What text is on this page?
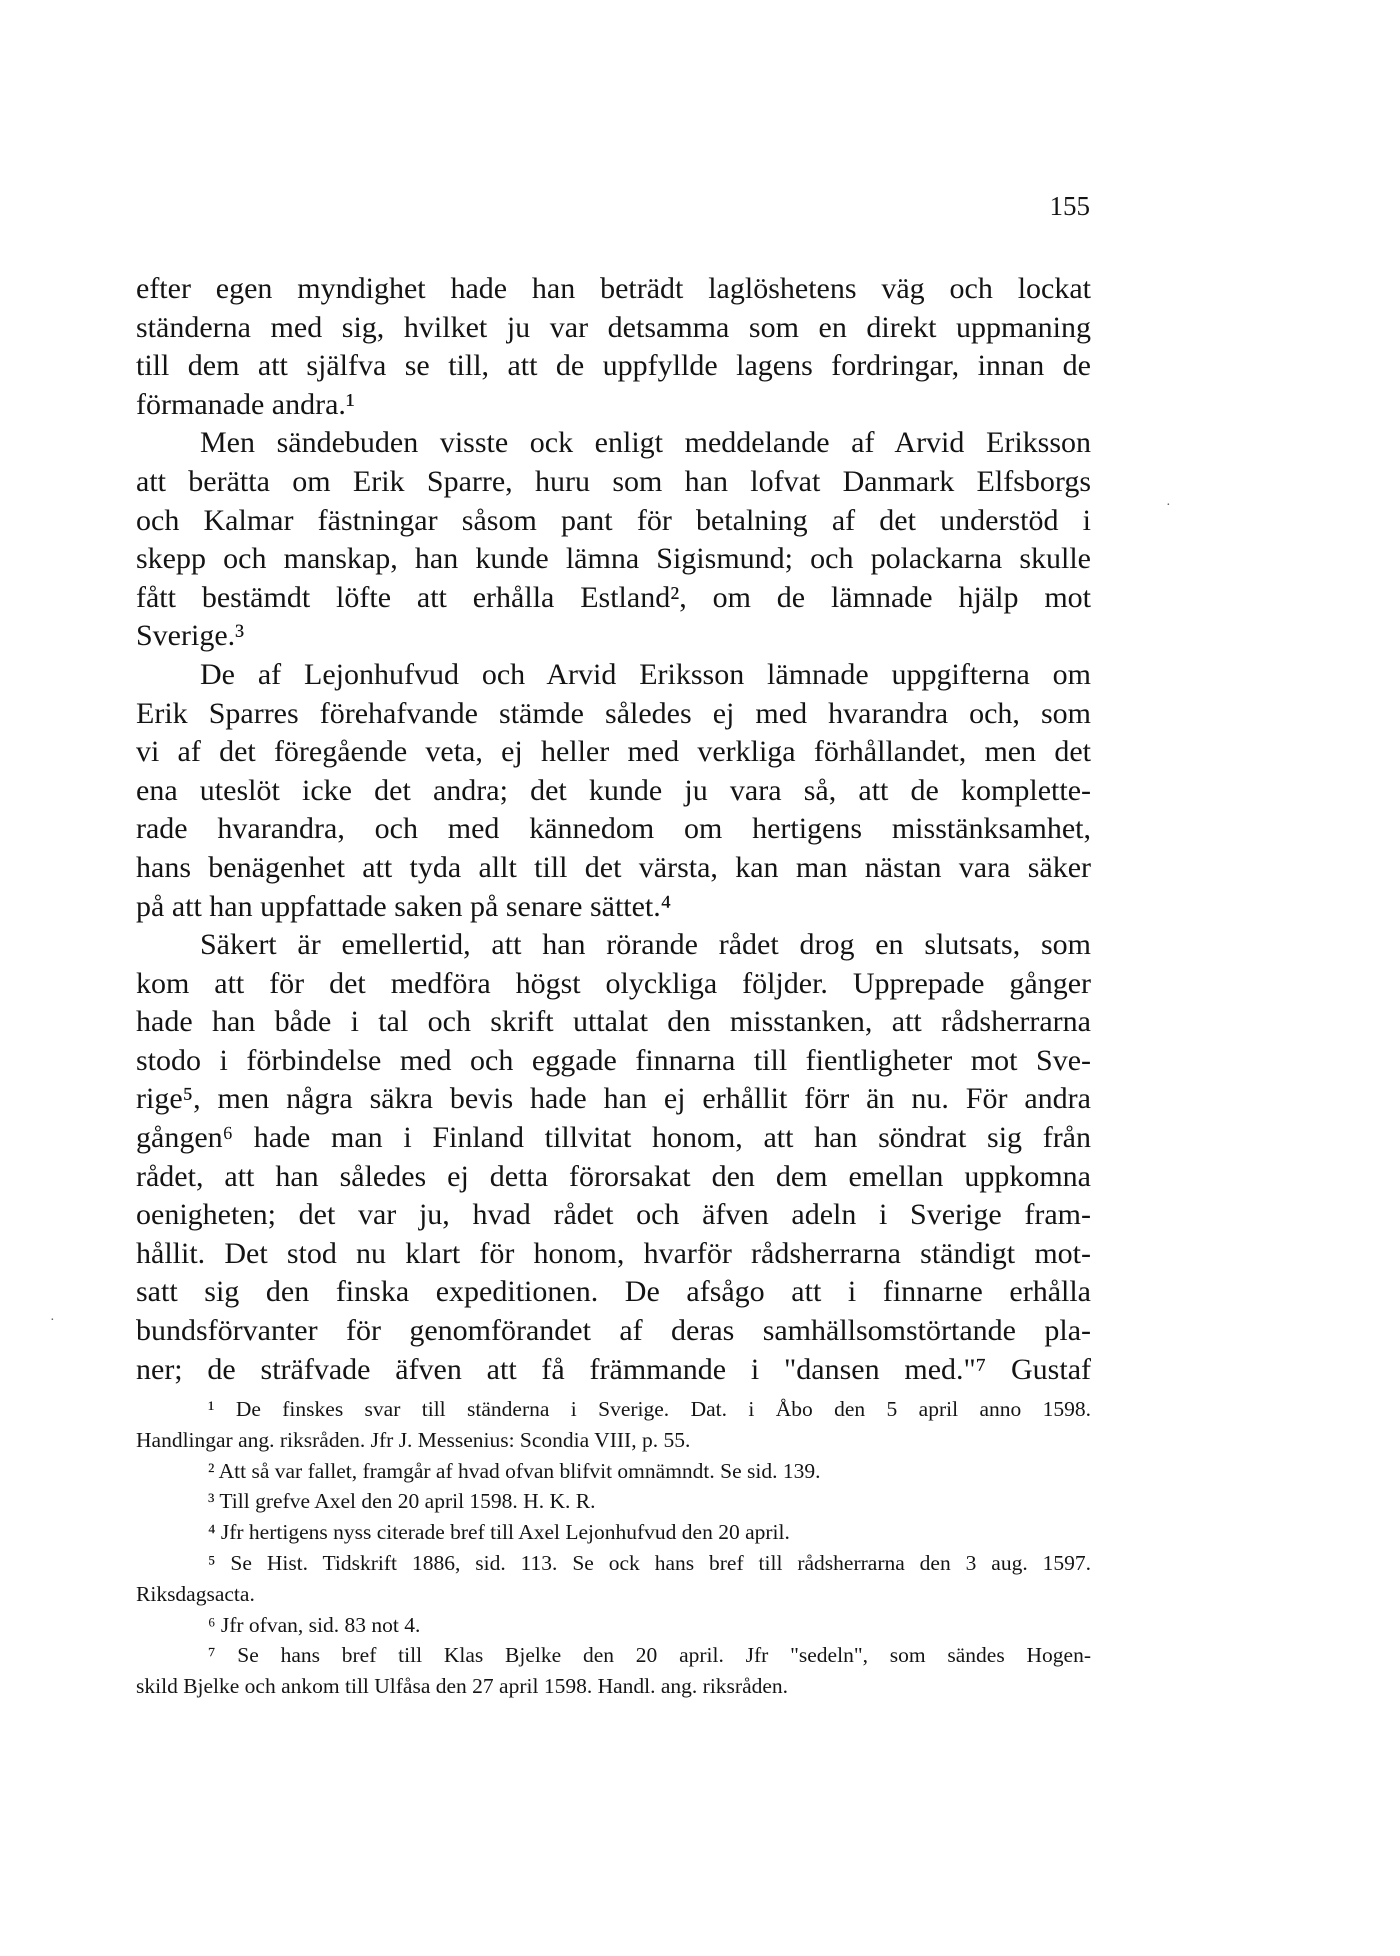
155
efter egen myndighet hade han beträdt laglöshetens väg och lockat
ständerna med sig, hvilket ju var detsamma som en direkt uppmaning
till dem att själfva se till, att de uppfyllde lagens fordringar, innan de
förmanade andra.¹
Men sändebuden visste ock enligt meddelande af Arvid Eriksson
att berätta om Erik Sparre, huru som han lofvat Danmark Elfsborgs
och Kalmar fästningar såsom pant för betalning af det understöd i
skepp och manskap, han kunde lämna Sigismund; och polackarna skulle
fått bestämdt löfte att erhålla Estland², om de lämnade hjälp mot
Sverige.³
De af Lejonhufvud och Arvid Eriksson lämnade uppgifterna om
Erik Sparres förehafvande stämde således ej med hvarandra och, som
vi af det föregående veta, ej heller med verkliga förhållandet, men det
ena uteslöt icke det andra; det kunde ju vara så, att de komplette-
rade hvarandra, och med kännedom om hertigens misstänksamhet,
hans benägenhet att tyda allt till det värsta, kan man nästan vara säker
på att han uppfattade saken på senare sättet.⁴
Säkert är emellertid, att han rörande rådet drog en slutsats, som
kom att för det medföra högst olyckliga följder. Upprepade gånger
hade han både i tal och skrift uttalat den misstanken, att rådsherrarna
stodo i förbindelse med och eggade finnarna till fientligheter mot Sve-
rige⁵, men några säkra bevis hade han ej erhållit förr än nu. För andra
gången⁶ hade man i Finland tillvitat honom, att han söndrat sig från
rådet, att han således ej detta förorsakat den dem emellan uppkomna
oenigheten; det var ju, hvad rådet och äfven adeln i Sverige fram-
hållit. Det stod nu klart för honom, hvarför rådsherrarna ständigt mot-
satt sig den finska expeditionen. De afsågo att i finnarne erhålla
bundsförvanter för genomförandet af deras samhällsomstörtande pla-
ner; de sträfvade äfven att få främmande i "dansen med."⁷ Gustaf
¹ De finskes svar till ständerna i Sverige. Dat. i Åbo den 5 april anno 1598.
Handlingar ang. riksråden. Jfr J. Messenius: Scondia VIII, p. 55.
² Att så var fallet, framgår af hvad ofvan blifvit omnämndt. Se sid. 139.
³ Till grefve Axel den 20 april 1598. H. K. R.
⁴ Jfr hertigens nyss citerade bref till Axel Lejonhufvud den 20 april.
⁵ Se Hist. Tidskrift 1886, sid. 113. Se ock hans bref till rådsherrarna den 3 aug. 1597.
Riksdagsacta.
⁶ Jfr ofvan, sid. 83 not 4.
⁷ Se hans bref till Klas Bjelke den 20 april. Jfr "sedeln", som sändes Hogen-
skild Bjelke och ankom till Ulfåsa den 27 april 1598. Handl. ang. riksråden.
·
·
